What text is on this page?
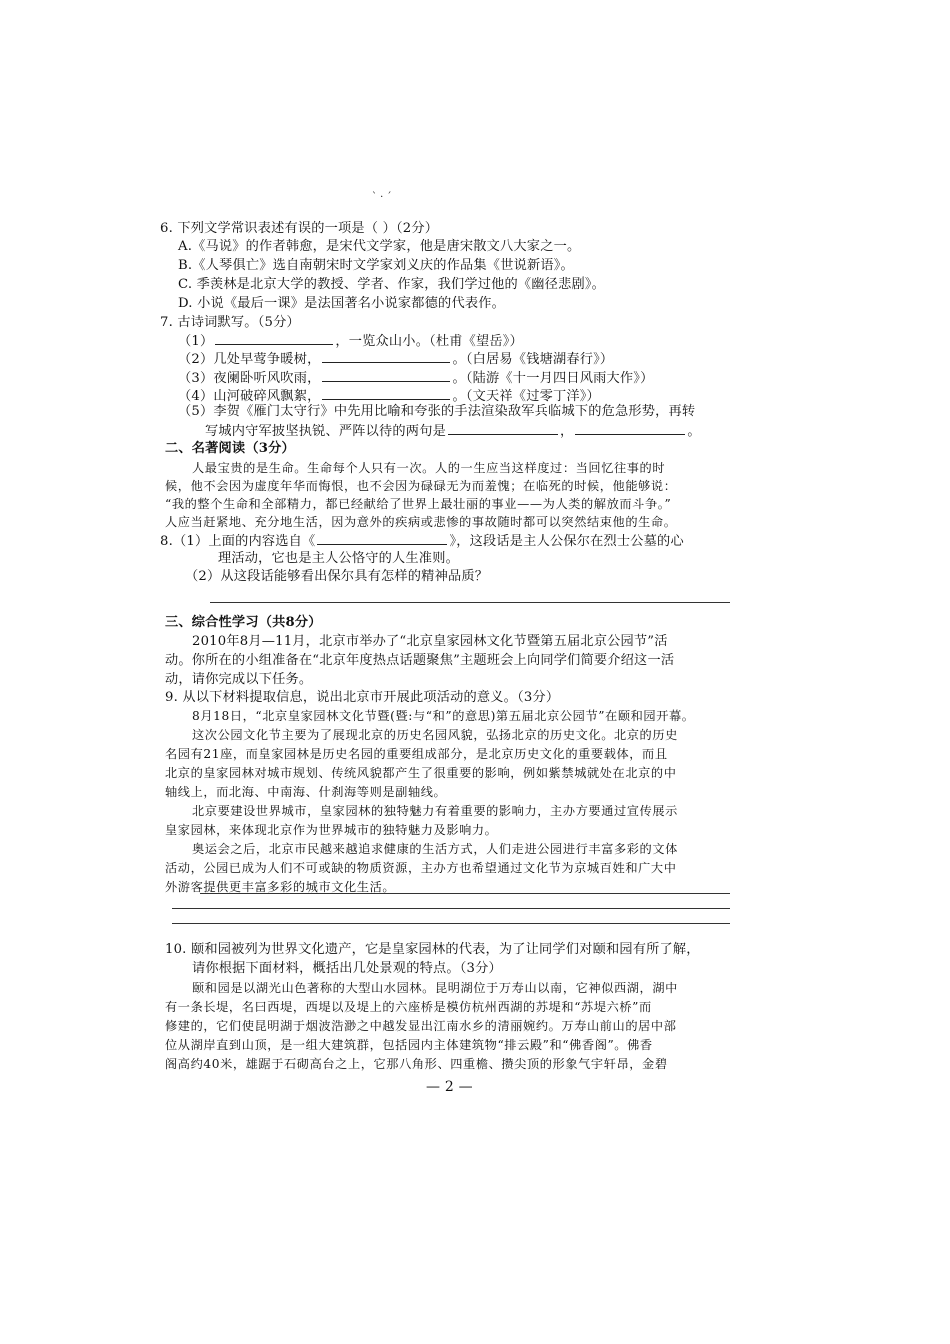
` · ´
6. 下列文学常识表述有误的一项是（ ）（2分）
A.《马说》的作者韩愈，是宋代文学家，他是唐宋散文八大家之一。
B.《人琴俱亡》选自南朝宋时文学家刘义庆的作品集《世说新语》。
C. 季羡林是北京大学的教授、学者、作家，我们学过他的《幽径悲剧》。
D. 小说《最后一课》是法国著名小说家都德的代表作。
7. 古诗词默写。（5分）
（1）	，一览众山小。（杜甫《望岳》）
（2）几处早莺争暖树，	。（白居易《钱塘湖春行》）
（3）夜阑卧听风吹雨，	。（陆游《十一月四日风雨大作》）
（4）山河破碎风飘絮，	。（文天祥《过零丁洋》）
（5）李贺《雁门太守行》中先用比喻和夸张的手法渲染敌军兵临城下的危急形势，再转
写城内守军披坚执锐、严阵以待的两句是	，	。
二、名著阅读（3分）
人最宝贵的是生命。生命每个人只有一次。人的一生应当这样度过：当回忆往事的时
候，他不会因为虚度年华而悔恨，也不会因为碌碌无为而羞愧；在临死的时候，他能够说：
“我的整个生命和全部精力，都已经献给了世界上最壮丽的事业——为人类的解放而斗争。”
人应当赶紧地、充分地生活，因为意外的疾病或悲惨的事故随时都可以突然结束他的生命。
8.（1）上面的内容选自《	》，这段话是主人公保尔在烈士公墓的心
理活动，它也是主人公恪守的人生准则。
（2）从这段话能够看出保尔具有怎样的精神品质？
三、综合性学习（共8分）
2010年8月—11月，北京市举办了“北京皇家园林文化节暨第五届北京公园节”活
动。你所在的小组准备在“北京年度热点话题聚焦”主题班会上向同学们简要介绍这一活
动，请你完成以下任务。
9. 从以下材料提取信息，说出北京市开展此项活动的意义。（3分）
8月18日，“北京皇家园林文化节暨(暨:与“和”的意思)第五届北京公园节”在颐和园开幕。
这次公园文化节主要为了展现北京的历史名园风貌，弘扬北京的历史文化。北京的历史
名园有21座，而皇家园林是历史名园的重要组成部分，是北京历史文化的重要载体，而且
北京的皇家园林对城市规划、传统风貌都产生了很重要的影响，例如紫禁城就处在北京的中
轴线上，而北海、中南海、什刹海等则是副轴线。
北京要建设世界城市，皇家园林的独特魅力有着重要的影响力，主办方要通过宣传展示
皇家园林，来体现北京作为世界城市的独特魅力及影响力。
奥运会之后，北京市民越来越追求健康的生活方式，人们走进公园进行丰富多彩的文体
活动，公园已成为人们不可或缺的物质资源，主办方也希望通过文化节为京城百姓和广大中
外游客提供更丰富多彩的城市文化生活。
10. 颐和园被列为世界文化遗产，它是皇家园林的代表，为了让同学们对颐和园有所了解，
请你根据下面材料，概括出几处景观的特点。（3分）
颐和园是以湖光山色著称的大型山水园林。昆明湖位于万寿山以南，它神似西湖，湖中
有一条长堤，名曰西堤，西堤以及堤上的六座桥是模仿杭州西湖的苏堤和“苏堤六桥”而
修建的，它们使昆明湖于烟波浩渺之中越发显出江南水乡的清丽婉约。万寿山前山的居中部
位从湖岸直到山顶，是一组大建筑群，包括园内主体建筑物“排云殿”和“佛香阁”。佛香
阁高约40米，雄踞于石砌高台之上，它那八角形、四重檐、攒尖顶的形象气宇轩昂，金碧
— 2 —
